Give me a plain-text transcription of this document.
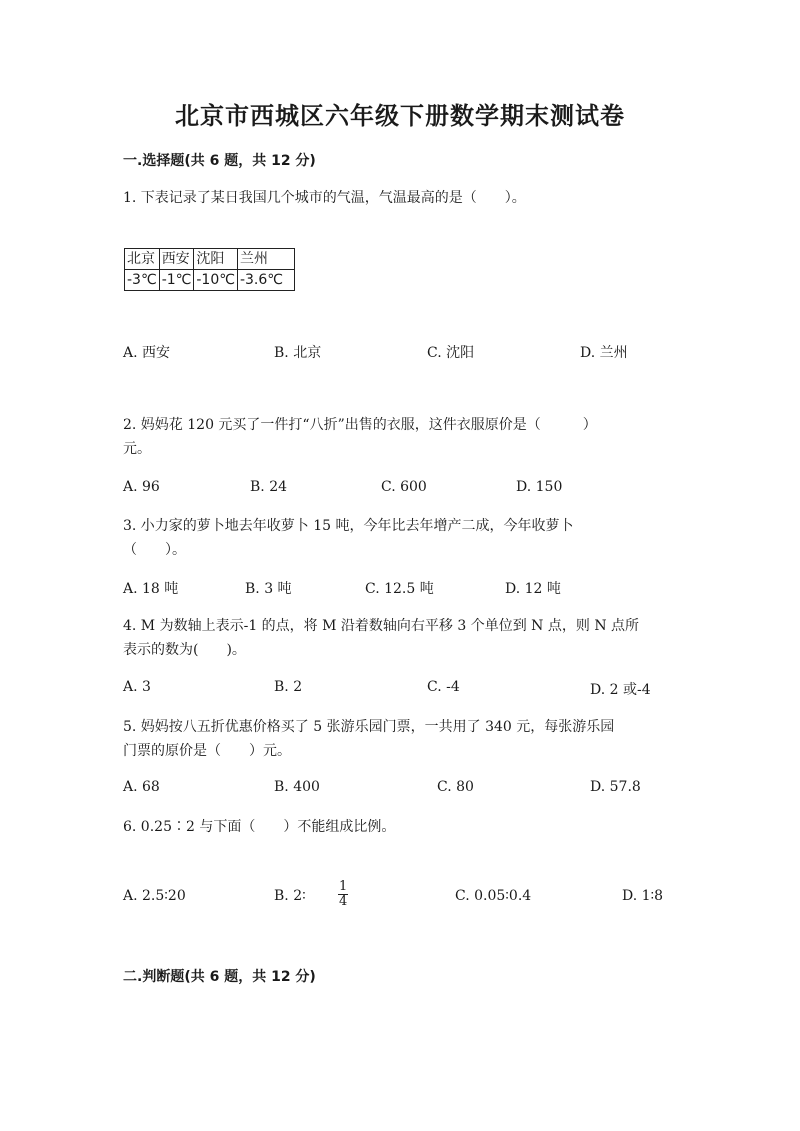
北京市西城区六年级下册数学期末测试卷
一.选择题(共 6 题，共 12 分)
1. 下表记录了某日我国几个城市的气温，气温最高的是（　　）。
北京	西安	沈阳	兰州
-3℃	-1℃	-10℃	-3.6℃
A. 西安	B. 北京	C. 沈阳	D. 兰州
2. 妈妈花 120 元买了一件打“八折”出售的衣服，这件衣服原价是（　　　）
元。
A. 96	B. 24	C. 600	D. 150
3. 小力家的萝卜地去年收萝卜 15 吨，今年比去年增产二成，今年收萝卜
（　　）。
A. 18 吨	B. 3 吨	C. 12.5 吨	D. 12 吨
4. M 为数轴上表示-1 的点，将 M 沿着数轴向右平移 3 个单位到 N 点，则 N 点所
表示的数为(　　)。
A. 3	B. 2	C. -4	D. 2 或-4
5. 妈妈按八五折优惠价格买了 5 张游乐园门票，一共用了 340 元，每张游乐园
门票的原价是（　　）元。
A. 68	B. 400	C. 80	D. 57.8
6. 0.25∶2 与下面（　　）不能组成比例。
A. 2.5∶20	B. 2∶ $\frac{1}{4}$	C. 0.05∶0.4	D. 1∶8
二.判断题(共 6 题，共 12 分)
